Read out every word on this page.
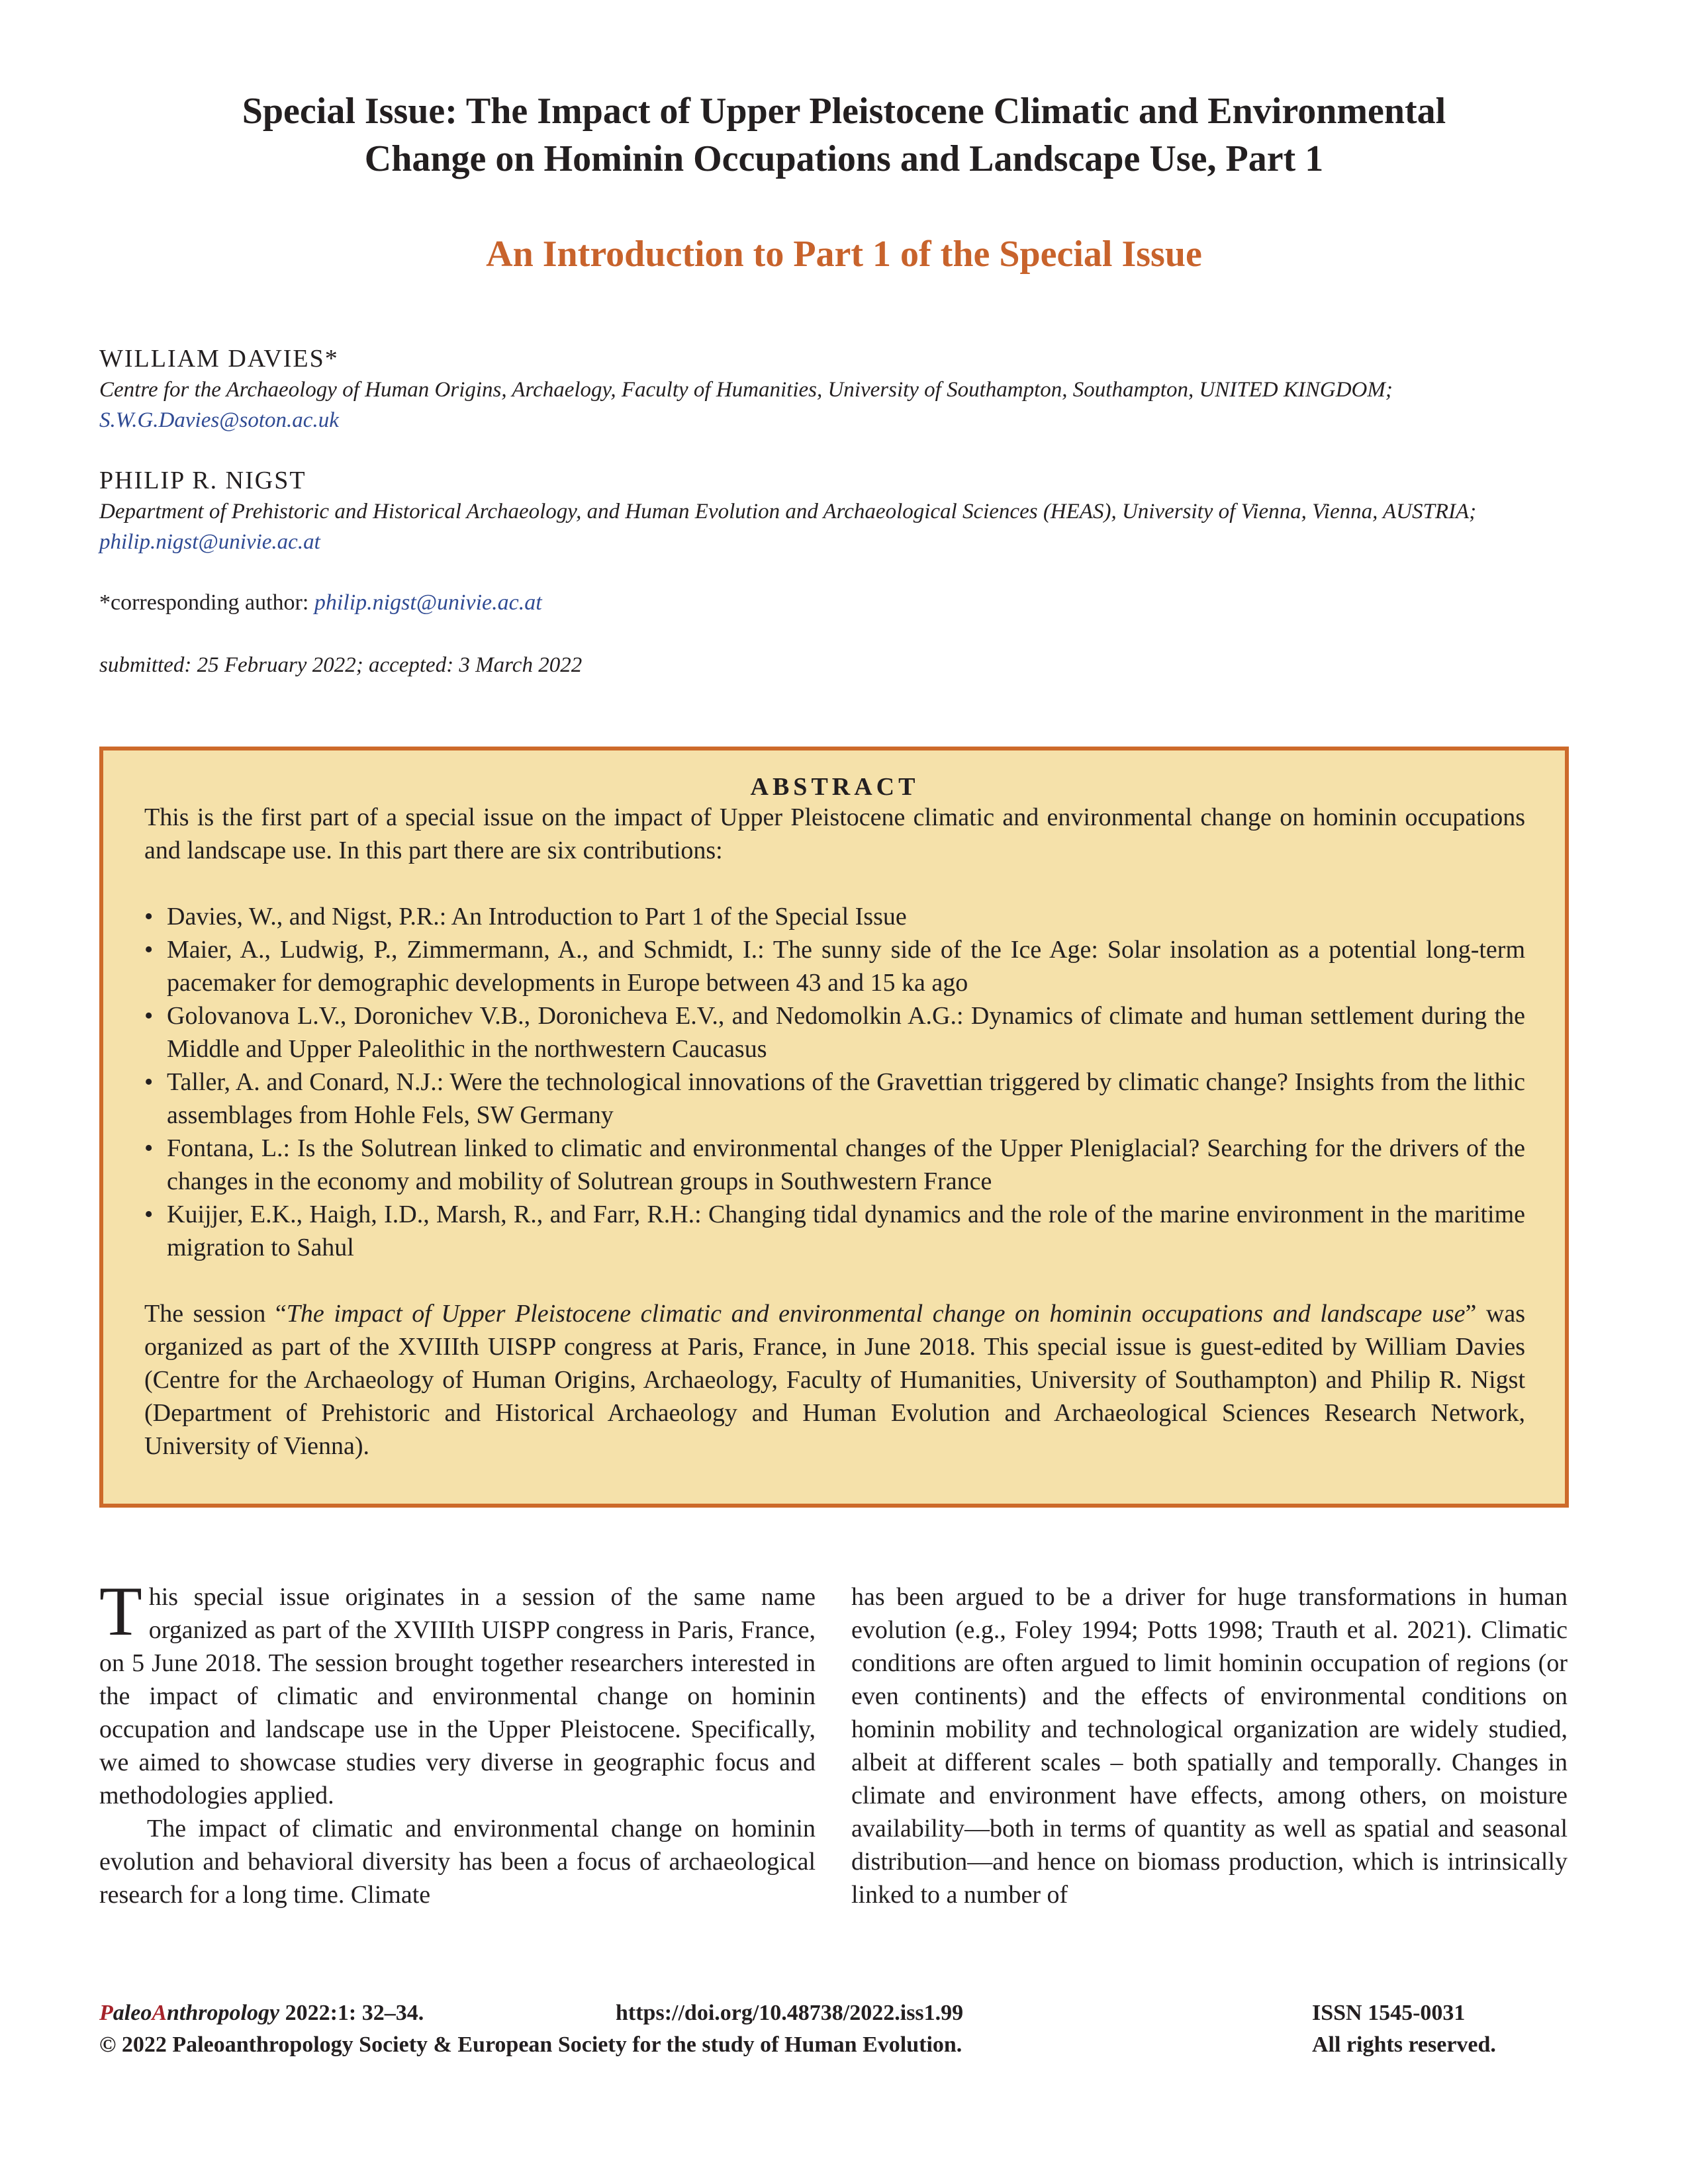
Special Issue: The Impact of Upper Pleistocene Climatic and Environmental
Change on Hominin Occupations and Landscape Use, Part 1
An Introduction to Part 1 of the Special Issue
WILLIAM DAVIES*
Centre for the Archaeology of Human Origins, Archaelogy, Faculty of Humanities, University of Southampton, Southampton, UNITED KINGDOM; S.W.G.Davies@soton.ac.uk
PHILIP R. NIGST
Department of Prehistoric and Historical Archaeology, and Human Evolution and Archaeological Sciences (HEAS), University of Vienna, Vienna, AUSTRIA; philip.nigst@univie.ac.at
*corresponding author: philip.nigst@univie.ac.at
submitted: 25 February 2022; accepted: 3 March 2022
ABSTRACT

This is the first part of a special issue on the impact of Upper Pleistocene climatic and environmental change on hominin occupations and landscape use. In this part there are six contributions:

• Davies, W., and Nigst, P.R.: An Introduction to Part 1 of the Special Issue
• Maier, A., Ludwig, P., Zimmermann, A., and Schmidt, I.: The sunny side of the Ice Age: Solar insolation as a potential long-term pacemaker for demographic developments in Europe between 43 and 15 ka ago
• Golovanova L.V., Doronichev V.B., Doronicheva E.V., and Nedomolkin A.G.: Dynamics of climate and human settlement during the Middle and Upper Paleolithic in the northwestern Caucasus
• Taller, A. and Conard, N.J.: Were the technological innovations of the Gravettian triggered by climatic change? Insights from the lithic assemblages from Hohle Fels, SW Germany
• Fontana, L.: Is the Solutrean linked to climatic and environmental changes of the Upper Pleniglacial? Searching for the drivers of the changes in the economy and mobility of Solutrean groups in Southwestern France
• Kuijjer, E.K., Haigh, I.D., Marsh, R., and Farr, R.H.: Changing tidal dynamics and the role of the marine environment in the maritime migration to Sahul

The session “The impact of Upper Pleistocene climatic and environmental change on hominin occupations and landscape use” was organized as part of the XVIIIth UISPP congress at Paris, France, in June 2018. This special issue is guest-edited by William Davies (Centre for the Archaeology of Human Origins, Archaeology, Faculty of Humanities, University of Southampton) and Philip R. Nigst (Department of Prehistoric and Historical Archaeology and Human Evolution and Archaeological Sciences Research Network, University of Vienna).

This special issue originates in a session of the same name organized as part of the XVIIIth UISPP congress in Paris, France, on 5 June 2018. The session brought together researchers interested in the impact of climatic and environmental change on hominin occupation and landscape use in the Upper Pleistocene. Specifically, we aimed to showcase studies very diverse in geographic focus and methodologies applied.

The impact of climatic and environmental change on hominin evolution and behavioral diversity has been a focus of archaeological research for a long time. Climate

has been argued to be a driver for huge transformations in human evolution (e.g., Foley 1994; Potts 1998; Trauth et al. 2021). Climatic conditions are often argued to limit hominin occupation of regions (or even continents) and the effects of environmental conditions on hominin mobility and technological organization are widely studied, albeit at different scales – both spatially and temporally. Changes in climate and environment have effects, among others, on moisture availability—both in terms of quantity as well as spatial and seasonal distribution—and hence on biomass production, which is intrinsically linked to a number of

PaleoAnthropology 2022:1: 32–34.	https://doi.org/10.48738/2022.iss1.99	ISSN 1545-0031
© 2022 Paleoanthropology Society & European Society for the study of Human Evolution.	All rights reserved.
